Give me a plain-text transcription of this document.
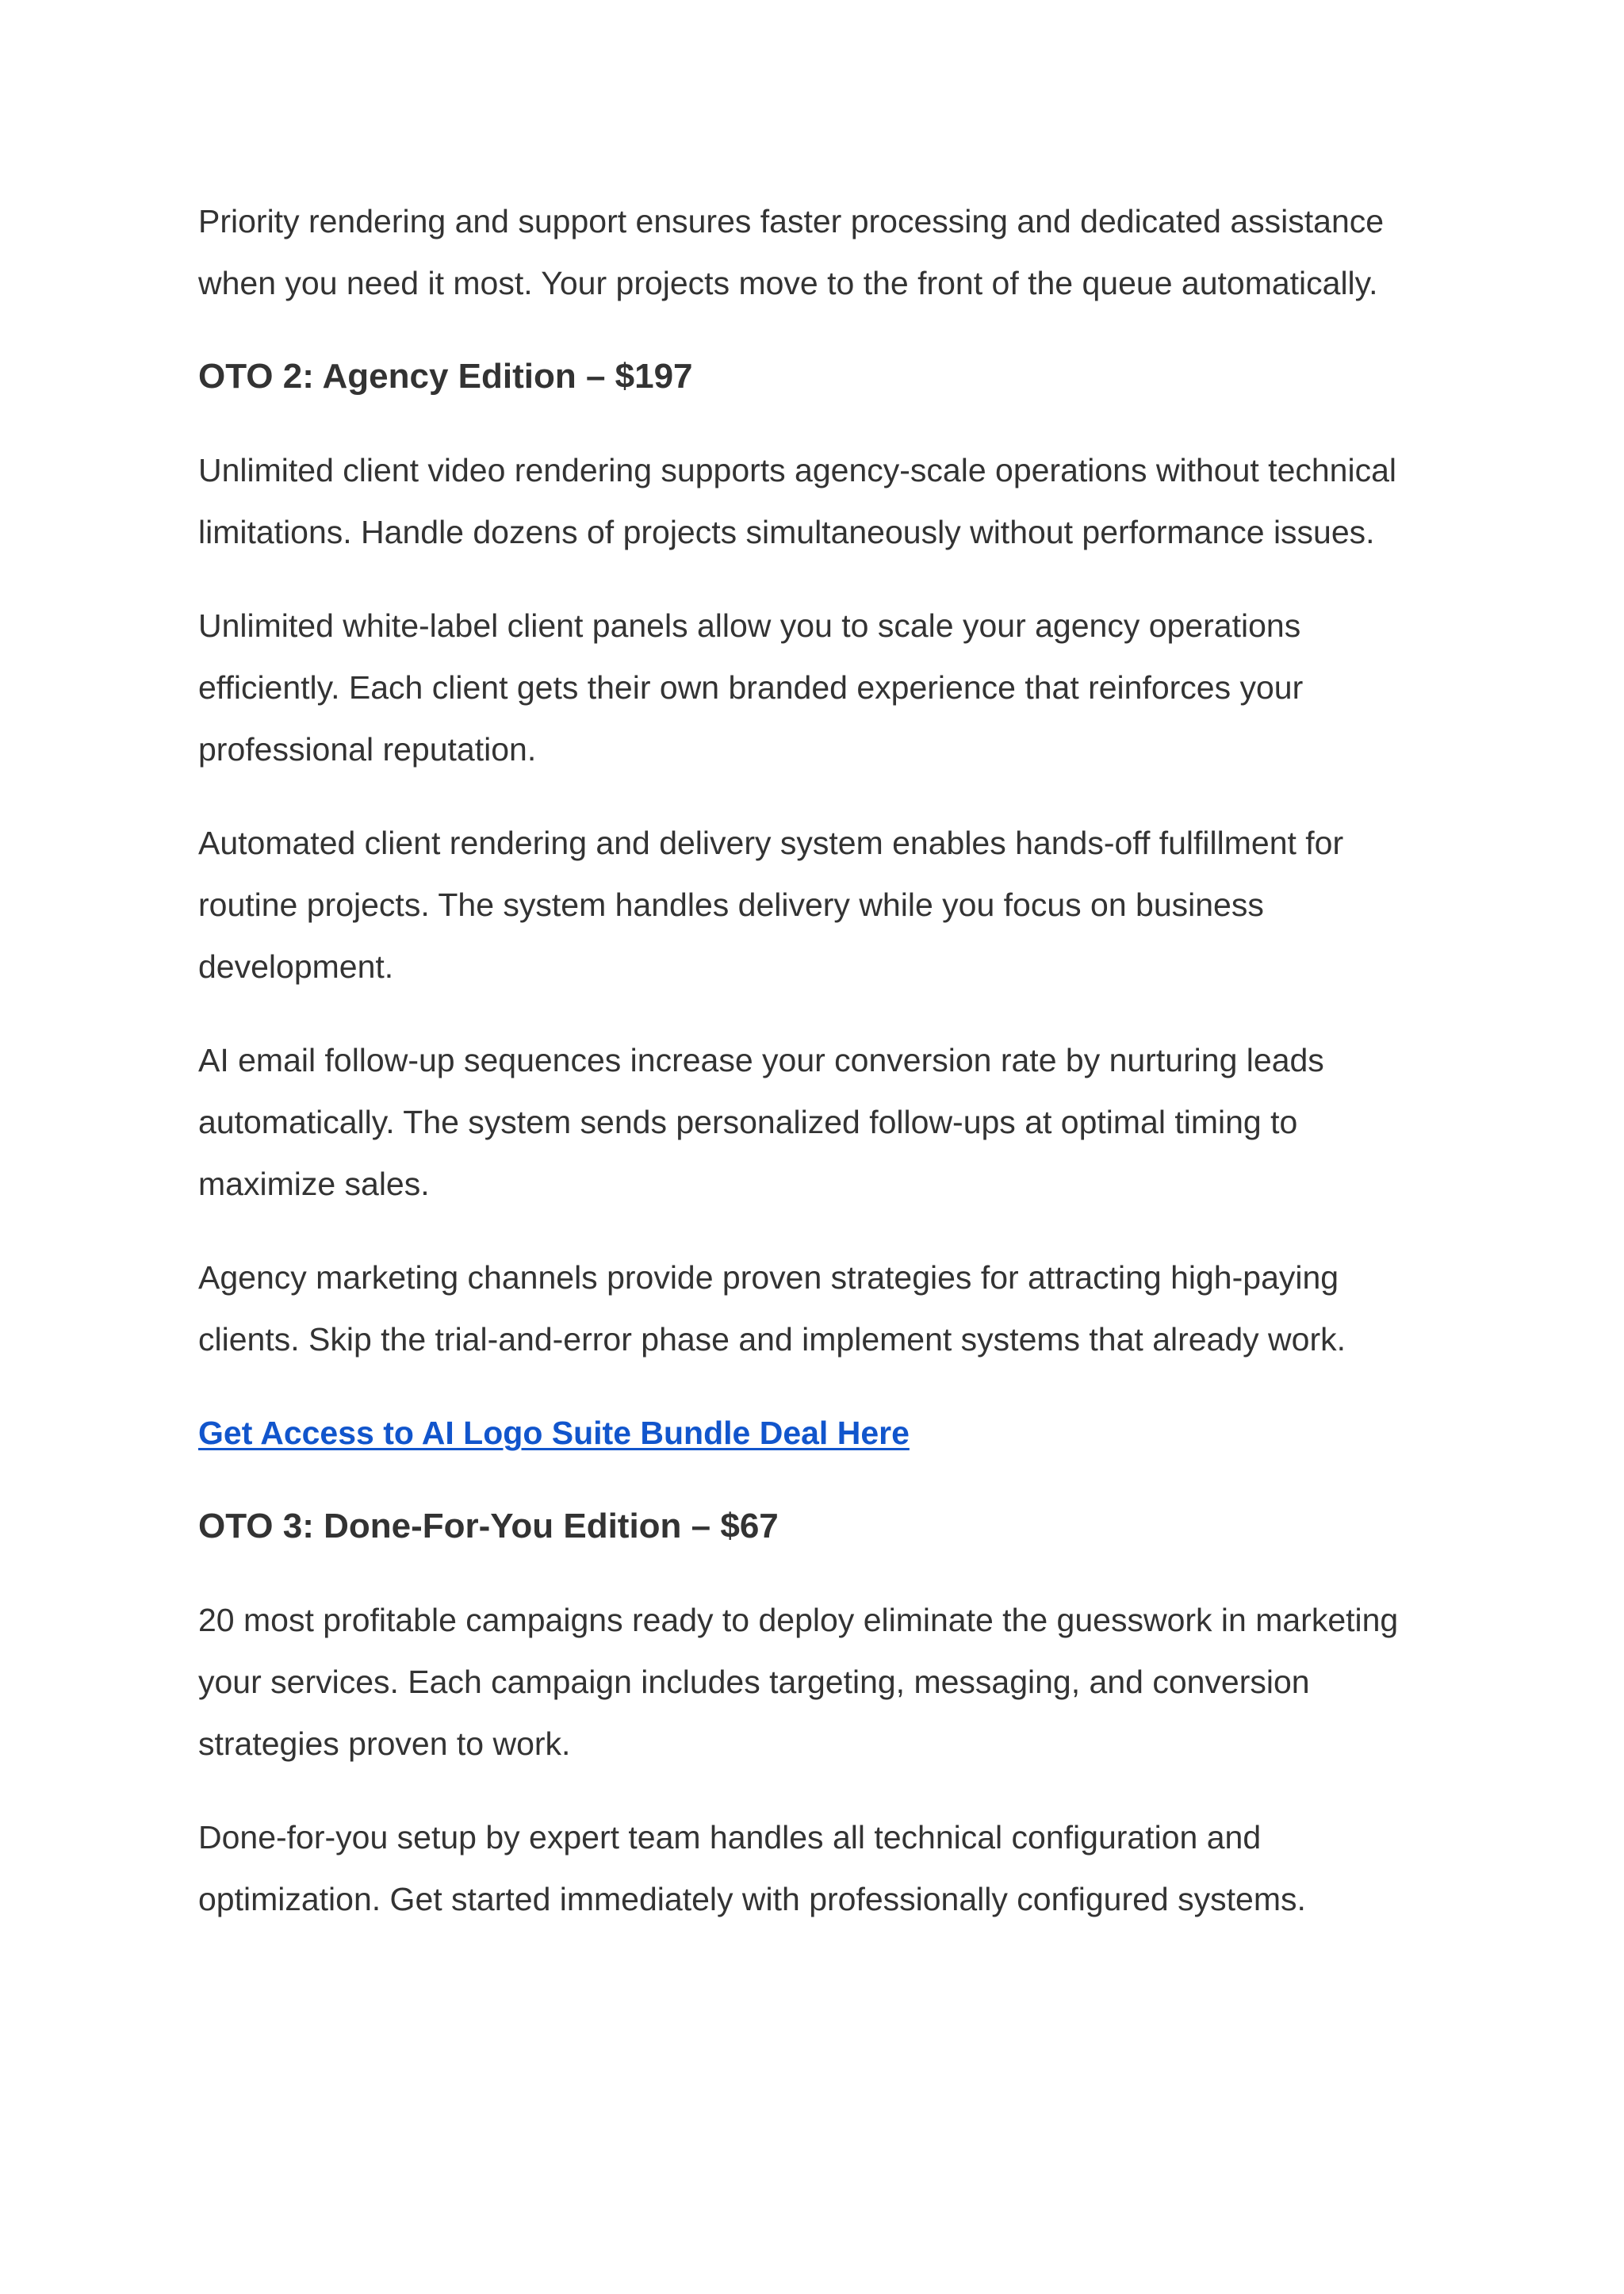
Priority rendering and support ensures faster processing and dedicated assistance when you need it most. Your projects move to the front of the queue automatically.

OTO 2: Agency Edition – $197

Unlimited client video rendering supports agency-scale operations without technical limitations. Handle dozens of projects simultaneously without performance issues.

Unlimited white-label client panels allow you to scale your agency operations efficiently. Each client gets their own branded experience that reinforces your professional reputation.

Automated client rendering and delivery system enables hands-off fulfillment for routine projects. The system handles delivery while you focus on business development.

AI email follow-up sequences increase your conversion rate by nurturing leads automatically. The system sends personalized follow-ups at optimal timing to maximize sales.

Agency marketing channels provide proven strategies for attracting high-paying clients. Skip the trial-and-error phase and implement systems that already work.

Get Access to AI Logo Suite Bundle Deal Here

OTO 3: Done-For-You Edition – $67

20 most profitable campaigns ready to deploy eliminate the guesswork in marketing your services. Each campaign includes targeting, messaging, and conversion strategies proven to work.

Done-for-you setup by expert team handles all technical configuration and optimization. Get started immediately with professionally configured systems.
